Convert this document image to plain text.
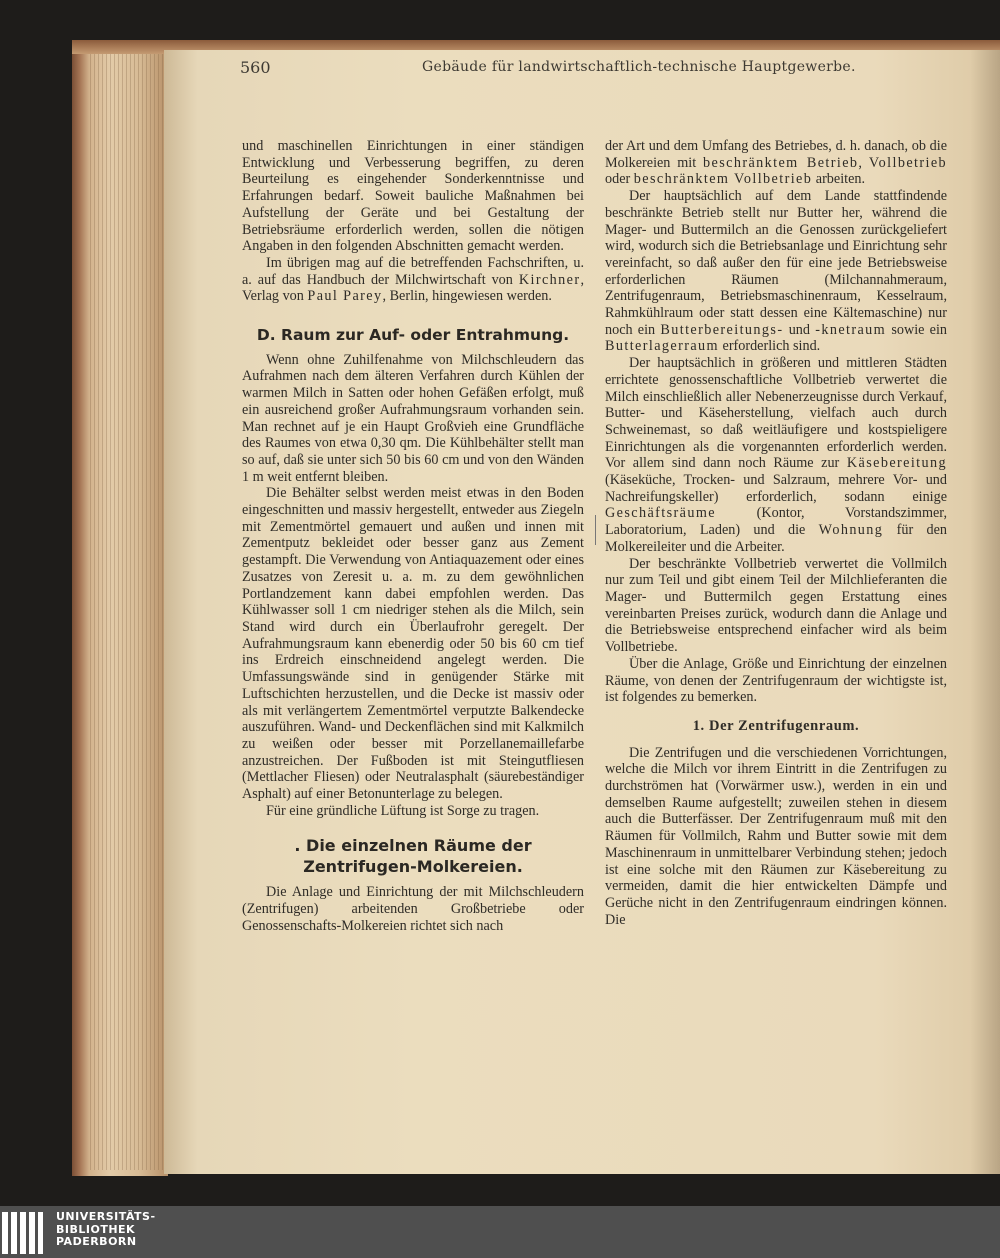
560	Gebäude für landwirtschaftlich-technische Hauptgewerbe.

und maschinellen Einrichtungen in einer ständigen Entwicklung und Verbesserung begriffen, zu deren Beurteilung es eingehender Sonderkenntnisse und Erfahrungen bedarf. Soweit bauliche Maßnahmen bei Aufstellung der Geräte und bei Gestaltung der Betriebsräume erforderlich werden, sollen die nötigen Angaben in den folgenden Abschnitten gemacht werden.

Im übrigen mag auf die betreffenden Fachschriften, u. a. auf das Handbuch der Milchwirtschaft von Kirchner, Verlag von Paul Parey, Berlin, hingewiesen werden.

D. Raum zur Auf- oder Entrahmung.

Wenn ohne Zuhilfenahme von Milchschleudern das Aufrahmen nach dem älteren Verfahren durch Kühlen der warmen Milch in Satten oder hohen Gefäßen erfolgt, muß ein ausreichend großer Aufrahmungsraum vorhanden sein. Man rechnet auf je ein Haupt Großvieh eine Grundfläche des Raumes von etwa 0,30 qm. Die Kühlbehälter stellt man so auf, daß sie unter sich 50 bis 60 cm und von den Wänden 1 m weit entfernt bleiben.

Die Behälter selbst werden meist etwas in den Boden eingeschnitten und massiv hergestellt, entweder aus Ziegeln mit Zementmörtel gemauert und außen und innen mit Zementputz bekleidet oder besser ganz aus Zement gestampft. Die Verwendung von Antiaquazement oder eines Zusatzes von Zeresit u. a. m. zu dem gewöhnlichen Portlandzement kann dabei empfohlen werden. Das Kühlwasser soll 1 cm niedriger stehen als die Milch, sein Stand wird durch ein Überlaufrohr geregelt. Der Aufrahmungsraum kann ebenerdig oder 50 bis 60 cm tief ins Erdreich einschneidend angelegt werden. Die Umfassungswände sind in genügender Stärke mit Luftschichten herzustellen, und die Decke ist massiv oder als mit verlängertem Zementmörtel verputzte Balkendecke auszuführen. Wand- und Deckenflächen sind mit Kalkmilch zu weißen oder besser mit Porzellanemaillefarbe anzustreichen. Der Fußboden ist mit Steingutfliesen (Mettlacher Fliesen) oder Neutralasphalt (säurebeständiger Asphalt) auf einer Betonunterlage zu belegen.

Für eine gründliche Lüftung ist Sorge zu tragen.

. Die einzelnen Räume der Zentrifugen-Molkereien.

Die Anlage und Einrichtung der mit Milchschleudern (Zentrifugen) arbeitenden Großbetriebe oder Genossenschafts-Molkereien richtet sich nach

der Art und dem Umfang des Betriebes, d. h. danach, ob die Molkereien mit beschränktem Betrieb, Vollbetrieb oder beschränktem Vollbetrieb arbeiten.

Der hauptsächlich auf dem Lande stattfindende beschränkte Betrieb stellt nur Butter her, während die Mager- und Buttermilch an die Genossen zurückgeliefert wird, wodurch sich die Betriebsanlage und Einrichtung sehr vereinfacht, so daß außer den für eine jede Betriebsweise erforderlichen Räumen (Milchannahmeraum, Zentrifugenraum, Betriebsmaschinenraum, Kesselraum, Rahmkühlraum oder statt dessen eine Kältemaschine) nur noch ein Butterbereitungs- und -knetraum sowie ein Butterlagerraum erforderlich sind.

Der hauptsächlich in größeren und mittleren Städten errichtete genossenschaftliche Vollbetrieb verwertet die Milch einschließlich aller Nebenerzeugnisse durch Verkauf, Butter- und Käseherstellung, vielfach auch durch Schweinemast, so daß weitläufigere und kostspieligere Einrichtungen als die vorgenannten erforderlich werden. Vor allem sind dann noch Räume zur Käsebereitung (Käseküche, Trocken- und Salzraum, mehrere Vor- und Nachreifungskeller) erforderlich, sodann einige Geschäftsräume (Kontor, Vorstandszimmer, Laboratorium, Laden) und die Wohnung für den Molkereileiter und die Arbeiter.

Der beschränkte Vollbetrieb verwertet die Vollmilch nur zum Teil und gibt einem Teil der Milchlieferanten die Mager- und Buttermilch gegen Erstattung eines vereinbarten Preises zurück, wodurch dann die Anlage und die Betriebsweise entsprechend einfacher wird als beim Vollbetriebe.

Über die Anlage, Größe und Einrichtung der einzelnen Räume, von denen der Zentrifugenraum der wichtigste ist, ist folgendes zu bemerken.

1. Der Zentrifugenraum.

Die Zentrifugen und die verschiedenen Vorrichtungen, welche die Milch vor ihrem Eintritt in die Zentrifugen zu durchströmen hat (Vorwärmer usw.), werden in ein und demselben Raume aufgestellt; zuweilen stehen in diesem auch die Butterfässer. Der Zentrifugenraum muß mit den Räumen für Vollmilch, Rahm und Butter sowie mit dem Maschinenraum in unmittelbarer Verbindung stehen; jedoch ist eine solche mit den Räumen zur Käsebereitung zu vermeiden, damit die hier entwickelten Dämpfe und Gerüche nicht in den Zentrifugenraum eindringen können. Die

UNIVERSITÄTS-
BIBLIOTHEK
PADERBORN
